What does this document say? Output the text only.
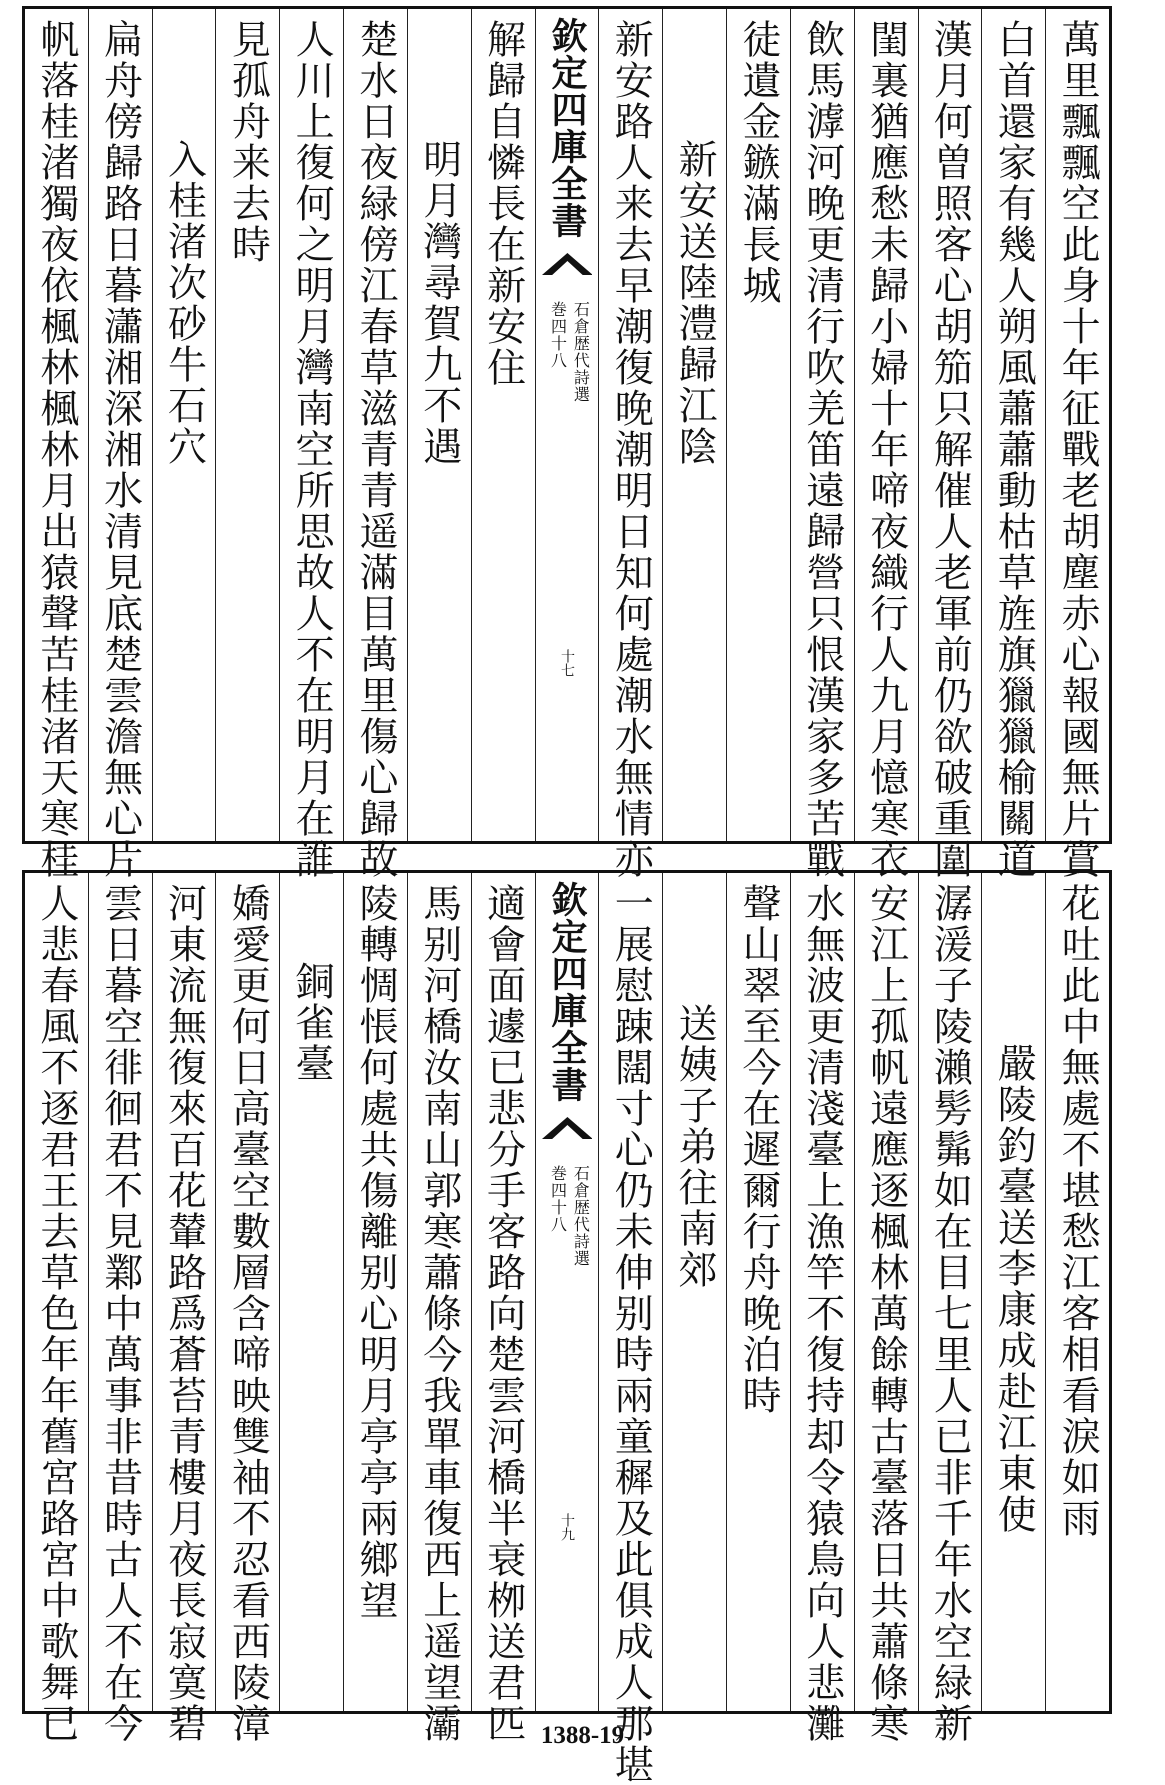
萬里飄飄空此身十年征戰老胡塵赤心報國無片賞
白首還家有幾人朔風蕭蕭動枯草旌旗獵獵榆關道
漢月何曽照客心胡笳只解催人老軍前仍欲破重圍
閨裏猶應愁未歸小婦十年啼夜織行人九月憶寒衣
飲馬滹河晚更清行吹羌笛遠歸營只恨漢家多苦戰
徒遺金鏃滿長城
新安送陸澧歸江陰
新安路人来去早潮復晚潮明日知何處潮水無情亦
欽定四庫全書
石倉歴代詩選
巻四十八
十七
解歸自憐長在新安住
明月灣尋賀九不遇
楚水日夜緑傍江春草滋青青遥滿目萬里傷心歸故
人川上復何之明月灣南空所思故人不在明月在誰
見孤舟来去時
入桂渚次砂牛石穴
扁舟傍歸路日暮瀟湘深湘水清見底楚雲澹無心片
帆落桂渚獨夜依楓林楓林月出猿聲苦桂渚天寒桂
花吐此中無處不堪愁江客相看淚如雨
嚴陵釣臺送李康成赴江東使
潺湲子陵瀨髣髴如在目七里人已非千年水空緑新
安江上孤帆遠應逐楓林萬餘轉古臺落日共蕭條寒
水無波更清淺臺上漁竿不復持却令猿鳥向人悲灘
聲山翠至今在遲爾行舟晚泊時
送姨子弟往南郊
一展慰踈闊寸心仍未伸别時兩童穉及此俱成人那堪
欽定四庫全書
石倉歴代詩選
巻四十八
十九
適會面遽已悲分手客路向楚雲河橋半衰栁送君匹
馬别河橋汝南山郭寒蕭條今我單車復西上遥望灞
陵轉惆悵何處共傷離别心明月亭亭兩鄉望
銅雀臺
嬌愛更何日高臺空數層含啼映雙袖不忍看西陵漳
河東流無復來百花輦路爲蒼苔青樓月夜長寂寞碧
雲日暮空徘徊君不見鄴中萬事非昔時古人不在今
人悲春風不逐君王去草色年年舊宮路宮中歌舞已	1388-19
